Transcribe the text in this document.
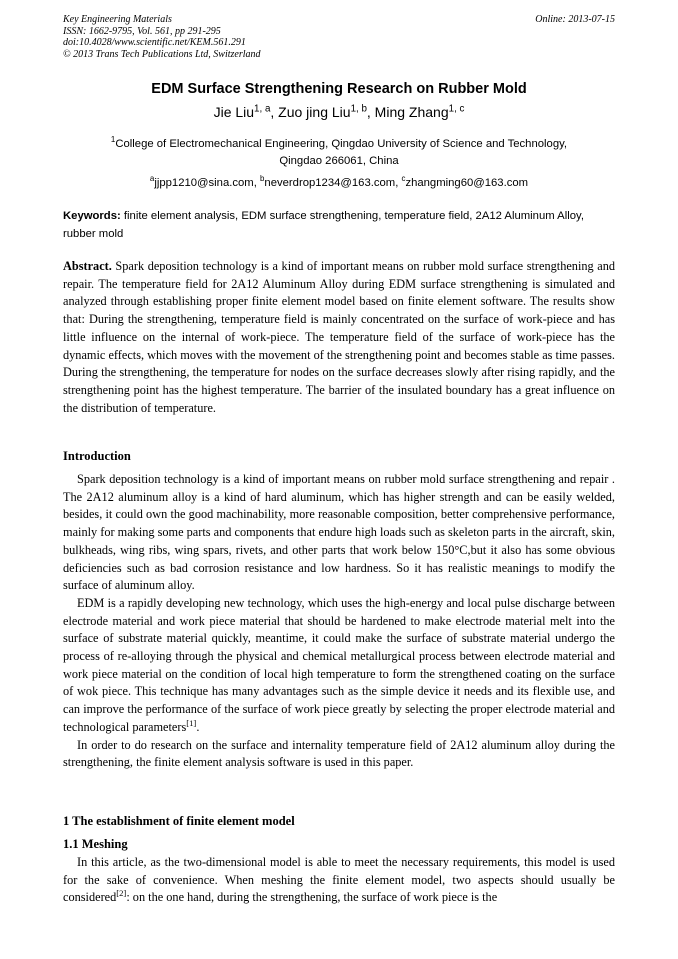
Key Engineering Materials
ISSN: 1662-9795, Vol. 561, pp 291-295
doi:10.4028/www.scientific.net/KEM.561.291
© 2013 Trans Tech Publications Ltd, Switzerland
Online: 2013-07-15
EDM Surface Strengthening Research on Rubber Mold
Jie Liu$^{1, a}$, Zuo jing Liu$^{1, b}$, Ming Zhang$^{1, c}$
$^1$College of Electromechanical Engineering, Qingdao University of Science and Technology,
Qingdao 266061, China
$^a$jjpp1210@sina.com, $^b$neverdrop1234@163.com, $^c$zhangming60@163.com
Keywords: finite element analysis, EDM surface strengthening, temperature field, 2A12 Aluminum Alloy, rubber mold
Abstract. Spark deposition technology is a kind of important means on rubber mold surface strengthening and repair. The temperature field for 2A12 Aluminum Alloy during EDM surface strengthening is simulated and analyzed through establishing proper finite element model based on finite element software. The results show that: During the strengthening, temperature field is mainly concentrated on the surface of work-piece and has little influence on the internal of work-piece. The temperature field of the surface of work-piece has the dynamic effects, which moves with the movement of the strengthening point and becomes stable as time passes. During the strengthening, the temperature for nodes on the surface decreases slowly after rising rapidly, and the strengthening point has the highest temperature. The barrier of the insulated boundary has a great influence on the distribution of temperature.
Introduction

Spark deposition technology is a kind of important means on rubber mold surface strengthening and repair . The 2A12 aluminum alloy is a kind of hard aluminum, which has higher strength and can be easily welded, besides, it could own the good machinability, more reasonable composition, better comprehensive performance, mainly for making some parts and components that endure high loads such as skeleton parts in the aircraft, skin, bulkheads, wing ribs, wing spars, rivets, and other parts that work below 150°C,but it also has some obvious deficiencies such as bad corrosion resistance and low hardness. So it has realistic meanings to modify the surface of aluminum alloy.

EDM is a rapidly developing new technology, which uses the high-energy and local pulse discharge between electrode material and work piece material that should be hardened to make electrode material melt into the surface of substrate material quickly, meantime, it could make the surface of substrate material undergo the process of re-alloying through the physical and chemical metallurgical process between electrode material and work piece material on the condition of local high temperature to form the strengthened coating on the surface of wok piece. This technique has many advantages such as the simple device it needs and its flexible use, and can improve the performance of the surface of work piece greatly by selecting the proper electrode material and technological parameters[1].

In order to do research on the surface and internality temperature field of 2A12 aluminum alloy during the strengthening, the finite element analysis software is used in this paper.

1 The establishment of finite element model
1.1 Meshing

In this article, as the two-dimensional model is able to meet the necessary requirements, this model is used for the sake of convenience. When meshing the finite element model, two aspects should usually be considered[2]: on the one hand, during the strengthening, the surface of work piece is the
